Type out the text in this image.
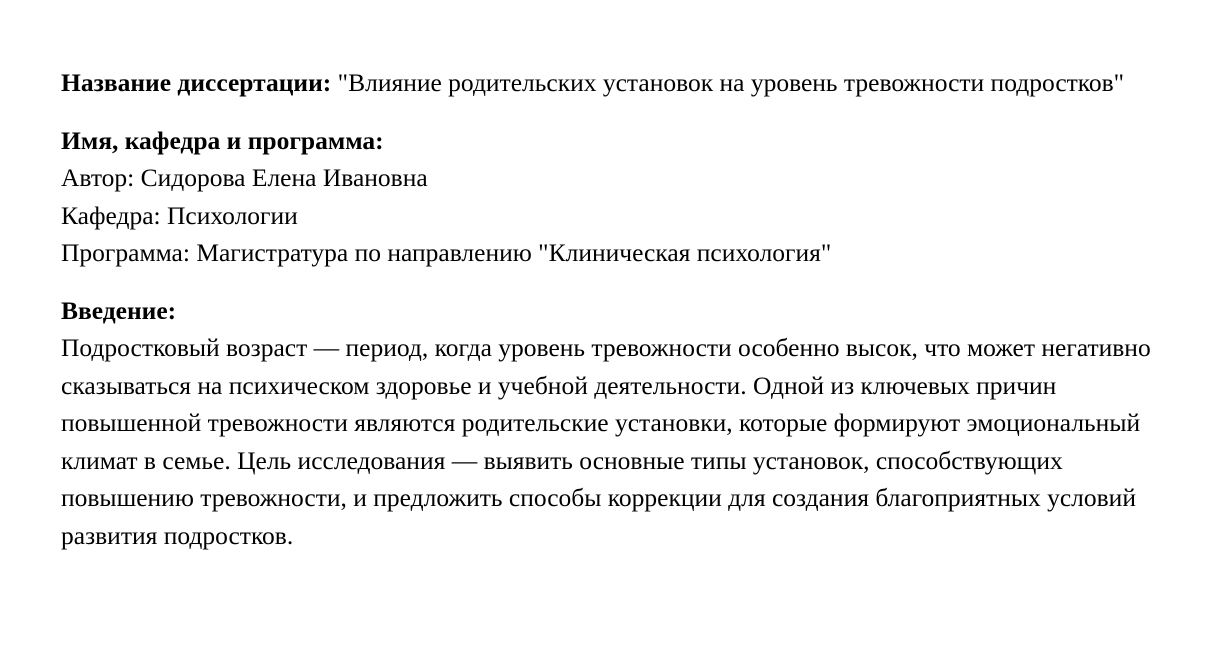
Название диссертации: "Влияние родительских установок на уровень тревожности подростков"

Имя, кафедра и программа:
Автор: Сидорова Елена Ивановна
Кафедра: Психологии
Программа: Магистратура по направлению "Клиническая психология"
Введение:

Подростковый возраст — период, когда уровень тревожности особенно высок, что может негативно сказываться на психическом здоровье и учебной деятельности. Одной из ключевых причин повышенной тревожности являются родительские установки, которые формируют эмоциональный климат в семье. Цель исследования — выявить основные типы установок, способствующих повышению тревожности, и предложить способы коррекции для создания благоприятных условий развития подростков.
